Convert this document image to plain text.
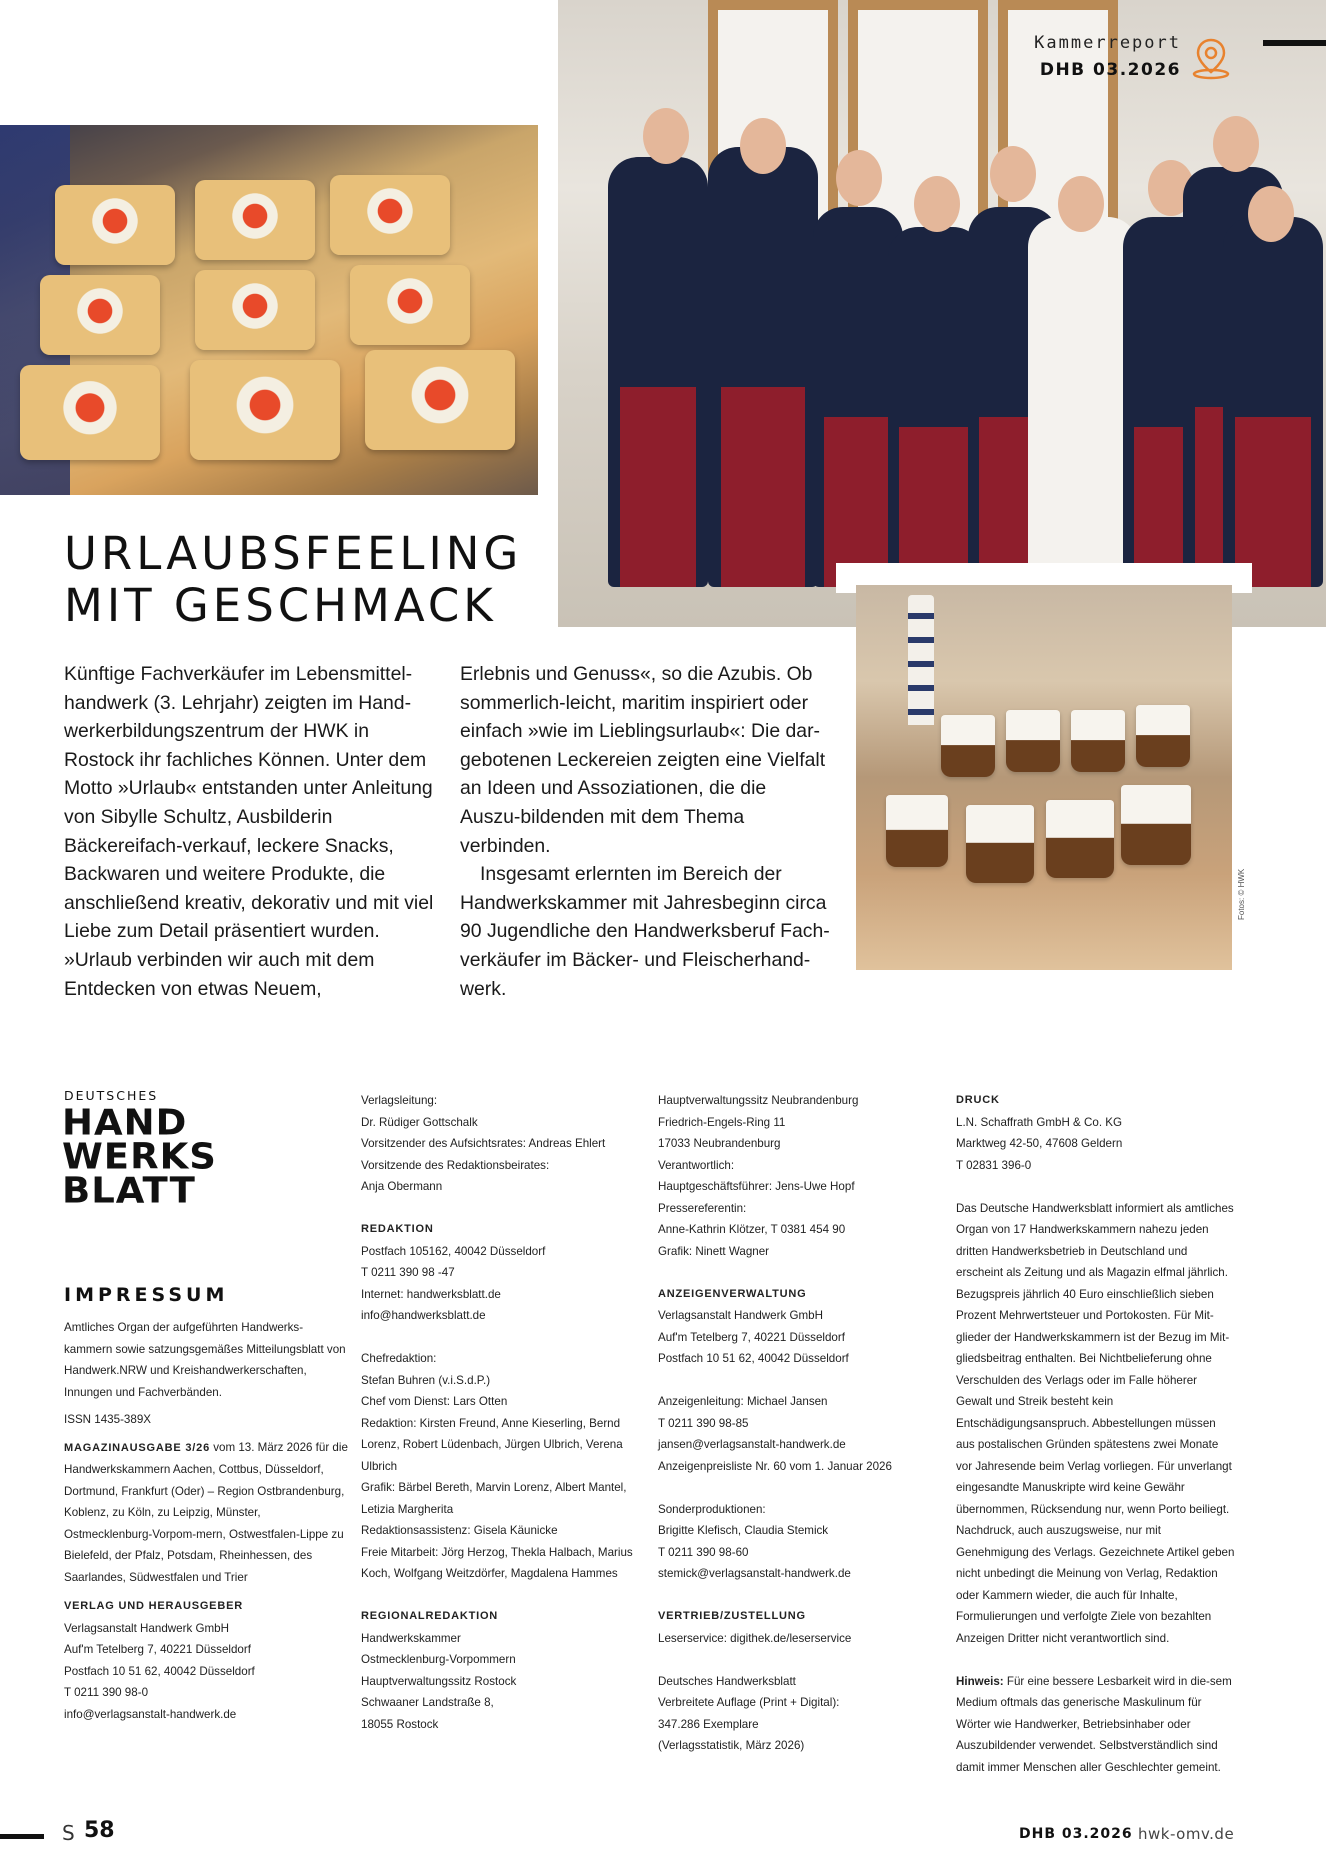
Fotos: © HWK
Kammerreport
DHB 03.2026
URLAUBSFEELING
MIT GESCHMACK

Künftige Fachverkäufer im Lebensmittel-handwerk (3. Lehrjahr) zeigten im Hand-werkerbildungszentrum der HWK in Rostock ihr fachliches Können. Unter dem Motto »Urlaub« entstanden unter Anleitung von Sibylle Schultz, Ausbilderin Bäckereifach-verkauf, leckere Snacks, Backwaren und weitere Produkte, die anschließend kreativ, dekorativ und mit viel Liebe zum Detail präsentiert wurden. »Urlaub verbinden wir auch mit dem Entdecken von etwas Neuem,

Erlebnis und Genuss«, so die Azubis. Ob sommerlich-leicht, maritim inspiriert oder einfach »wie im Lieblingsurlaub«: Die dar-gebotenen Leckereien zeigten eine Vielfalt an Ideen und Assoziationen, die die Auszu-bildenden mit dem Thema verbinden.

Insgesamt erlernten im Bereich der Handwerkskammer mit Jahresbeginn circa 90 Jugendliche den Handwerksberuf Fach-verkäufer im Bäcker- und Fleischerhand-werk.

DEUTSCHES
HAND
WERKS
BLATT
IMPRESSUM

Amtliches Organ der aufgeführten Handwerks-kammern sowie satzungsgemäßes Mitteilungsblatt von Handwerk.NRW und Kreishandwerkerschaften, Innungen und Fachverbänden.

ISSN 1435-389X

MAGAZINAUSGABE 3/26 vom 13. März 2026 für die Handwerkskammern Aachen, Cottbus, Düsseldorf, Dortmund, Frankfurt (Oder) – Region Ostbrandenburg, Koblenz, zu Köln, zu Leipzig, Münster, Ostmecklenburg-Vorpom-mern, Ostwestfalen-Lippe zu Bielefeld, der Pfalz, Potsdam, Rheinhessen, des Saarlandes, Südwestfalen und Trier

VERLAG UND HERAUSGEBER

Verlagsanstalt Handwerk GmbH

Auf'm Tetelberg 7, 40221 Düsseldorf

Postfach 10 51 62, 40042 Düsseldorf

T 0211 390 98-0

info@verlagsanstalt-handwerk.de

Verlagsleitung:

Dr. Rüdiger Gottschalk

Vorsitzender des Aufsichtsrates: Andreas Ehlert

Vorsitzende des Redaktionsbeirates:

Anja Obermann

REDAKTION

Postfach 105162, 40042 Düsseldorf

T 0211 390 98 -47

Internet: handwerksblatt.de

info@handwerksblatt.de

Chefredaktion:

Stefan Buhren (v.i.S.d.P.)

Chef vom Dienst: Lars Otten

Redaktion: Kirsten Freund, Anne Kieserling, Bernd Lorenz, Robert Lüdenbach, Jürgen Ulbrich, Verena Ulbrich

Grafik: Bärbel Bereth, Marvin Lorenz, Albert Mantel, Letizia Margherita

Redaktionsassistenz: Gisela Käunicke

Freie Mitarbeit: Jörg Herzog, Thekla Halbach, Marius Koch, Wolfgang Weitzdörfer, Magdalena Hammes

REGIONALREDAKTION

Handwerkskammer

Ostmecklenburg-Vorpommern

Hauptverwaltungssitz Rostock

Schwaaner Landstraße 8,

18055 Rostock

Hauptverwaltungssitz Neubrandenburg

Friedrich-Engels-Ring 11

17033 Neubrandenburg

Verantwortlich:

Hauptgeschäftsführer: Jens-Uwe Hopf

Pressereferentin:

Anne-Kathrin Klötzer, T 0381 454 90

Grafik: Ninett Wagner

ANZEIGENVERWALTUNG

Verlagsanstalt Handwerk GmbH

Auf'm Tetelberg 7, 40221 Düsseldorf

Postfach 10 51 62, 40042 Düsseldorf

Anzeigenleitung: Michael Jansen

T 0211 390 98-85

jansen@verlagsanstalt-handwerk.de

Anzeigenpreisliste Nr. 60 vom 1. Januar 2026

Sonderproduktionen:

Brigitte Klefisch, Claudia Stemick

T 0211 390 98-60

stemick@verlagsanstalt-handwerk.de

VERTRIEB/ZUSTELLUNG

Leserservice: digithek.de/leserservice

Deutsches Handwerksblatt

Verbreitete Auflage (Print + Digital):

347.286 Exemplare

(Verlagsstatistik, März 2026)

DRUCK

L.N. Schaffrath GmbH & Co. KG

Marktweg 42-50, 47608 Geldern

T 02831 396-0

Das Deutsche Handwerksblatt informiert als amtliches Organ von 17 Handwerkskammern nahezu jeden dritten Handwerksbetrieb in Deutschland und erscheint als Zeitung und als Magazin elfmal jährlich. Bezugspreis jährlich 40 Euro einschließlich sieben Prozent Mehrwertsteuer und Portokosten. Für Mit-glieder der Handwerkskammern ist der Bezug im Mit-gliedsbeitrag enthalten. Bei Nichtbelieferung ohne Verschulden des Verlags oder im Falle höherer Gewalt und Streik besteht kein Entschädigungsanspruch. Abbestellungen müssen aus postalischen Gründen spätestens zwei Monate vor Jahresende beim Verlag vorliegen. Für unverlangt eingesandte Manuskripte wird keine Gewähr übernommen, Rücksendung nur, wenn Porto beiliegt. Nachdruck, auch auszugsweise, nur mit Genehmigung des Verlags. Gezeichnete Artikel geben nicht unbedingt die Meinung von Verlag, Redaktion oder Kammern wieder, die auch für Inhalte, Formulierungen und verfolgte Ziele von bezahlten Anzeigen Dritter nicht verantwortlich sind.

Hinweis: Für eine bessere Lesbarkeit wird in die-sem Medium oftmals das generische Maskulinum für Wörter wie Handwerker, Betriebsinhaber oder Auszubildender verwendet. Selbstverständlich sind damit immer Menschen aller Geschlechter gemeint.

S 58	DHB 03.2026 hwk-omv.de
